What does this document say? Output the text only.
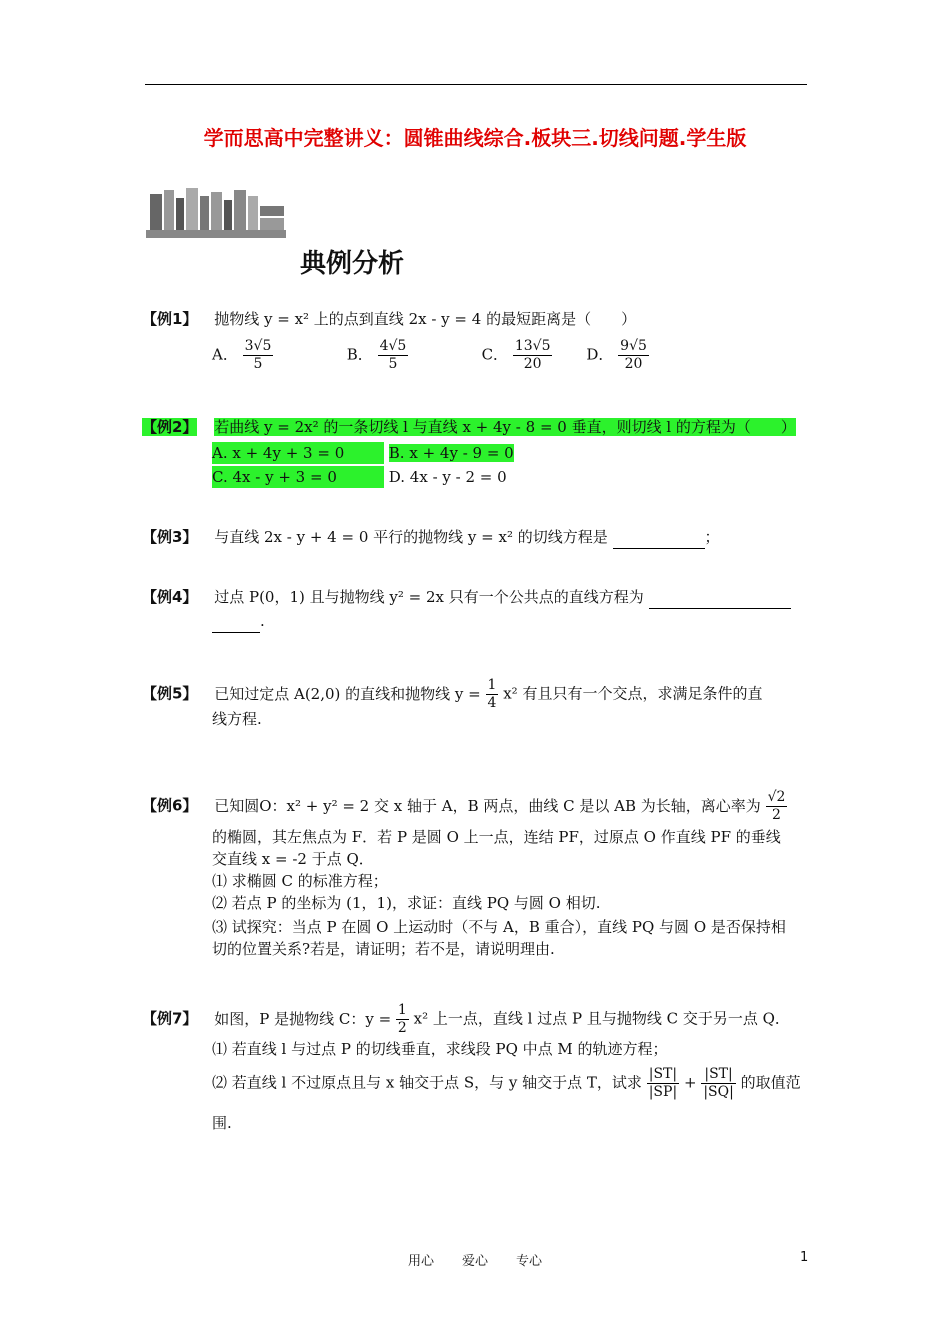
学而思高中完整讲义：圆锥曲线综合.板块三.切线问题.学生版
典例分析
【例1】 抛物线 y = x² 上的点到直线 2x - y = 4 的最短距离是（　　）
A． $\frac{3√5}{5}$	B． $\frac{4√5}{5}$	C． $\frac{13√5}{20}$ D． $\frac{9√5}{20}$
【例2】 若曲线 y = 2x² 的一条切线 l 与直线 x + 4y - 8 = 0 垂直，则切线 l 的方程为（　　）
A. x + 4y + 3 = 0	B. x + 4y - 9 = 0
C. 4x - y + 3 = 0	D. 4x - y - 2 = 0
【例3】 与直线 2x - y + 4 = 0 平行的抛物线 y = x² 的切线方程是	；
【例4】 过点 P(0，1) 且与抛物线 y² = 2x 只有一个公共点的直线方程为
.
【例5】 已知过定点 A(2,0) 的直线和抛物线 $y = \frac{1}{4} x^2$ 有且只有一个交点，求满足条件的直
线方程.
【例6】 已知圆O：x² + y² = 2 交 x 轴于 A，B 两点，曲线 C 是以 AB 为长轴，离心率为 $\frac{√2}{2}$
的椭圆，其左焦点为 F．若 P 是圆 O 上一点，连结 PF，过原点 O 作直线 PF 的垂线
交直线 x = -2 于点 Q．
⑴ 求椭圆 C 的标准方程；
⑵ 若点 P 的坐标为 (1，1)，求证：直线 PQ 与圆 O 相切.
⑶ 试探究：当点 P 在圆 O 上运动时（不与 A，B 重合），直线 PQ 与圆 O 是否保持相
切的位置关系?若是，请证明；若不是，请说明理由.
【例7】 如图，P 是抛物线 C：$y = \frac{1}{2} x^2$ 上一点，直线 l 过点 P 且与抛物线 C 交于另一点 Q．
⑴ 若直线 l 与过点 P 的切线垂直，求线段 PQ 中点 M 的轨迹方程；
⑵ 若直线 l 不过原点且与 x 轴交于点 S，与 y 轴交于点 T，试求 $\frac{|ST|}{|SP|} + \frac{|ST|}{|SQ|}$ 的取值范
围.
用心 爱心 专心	1
